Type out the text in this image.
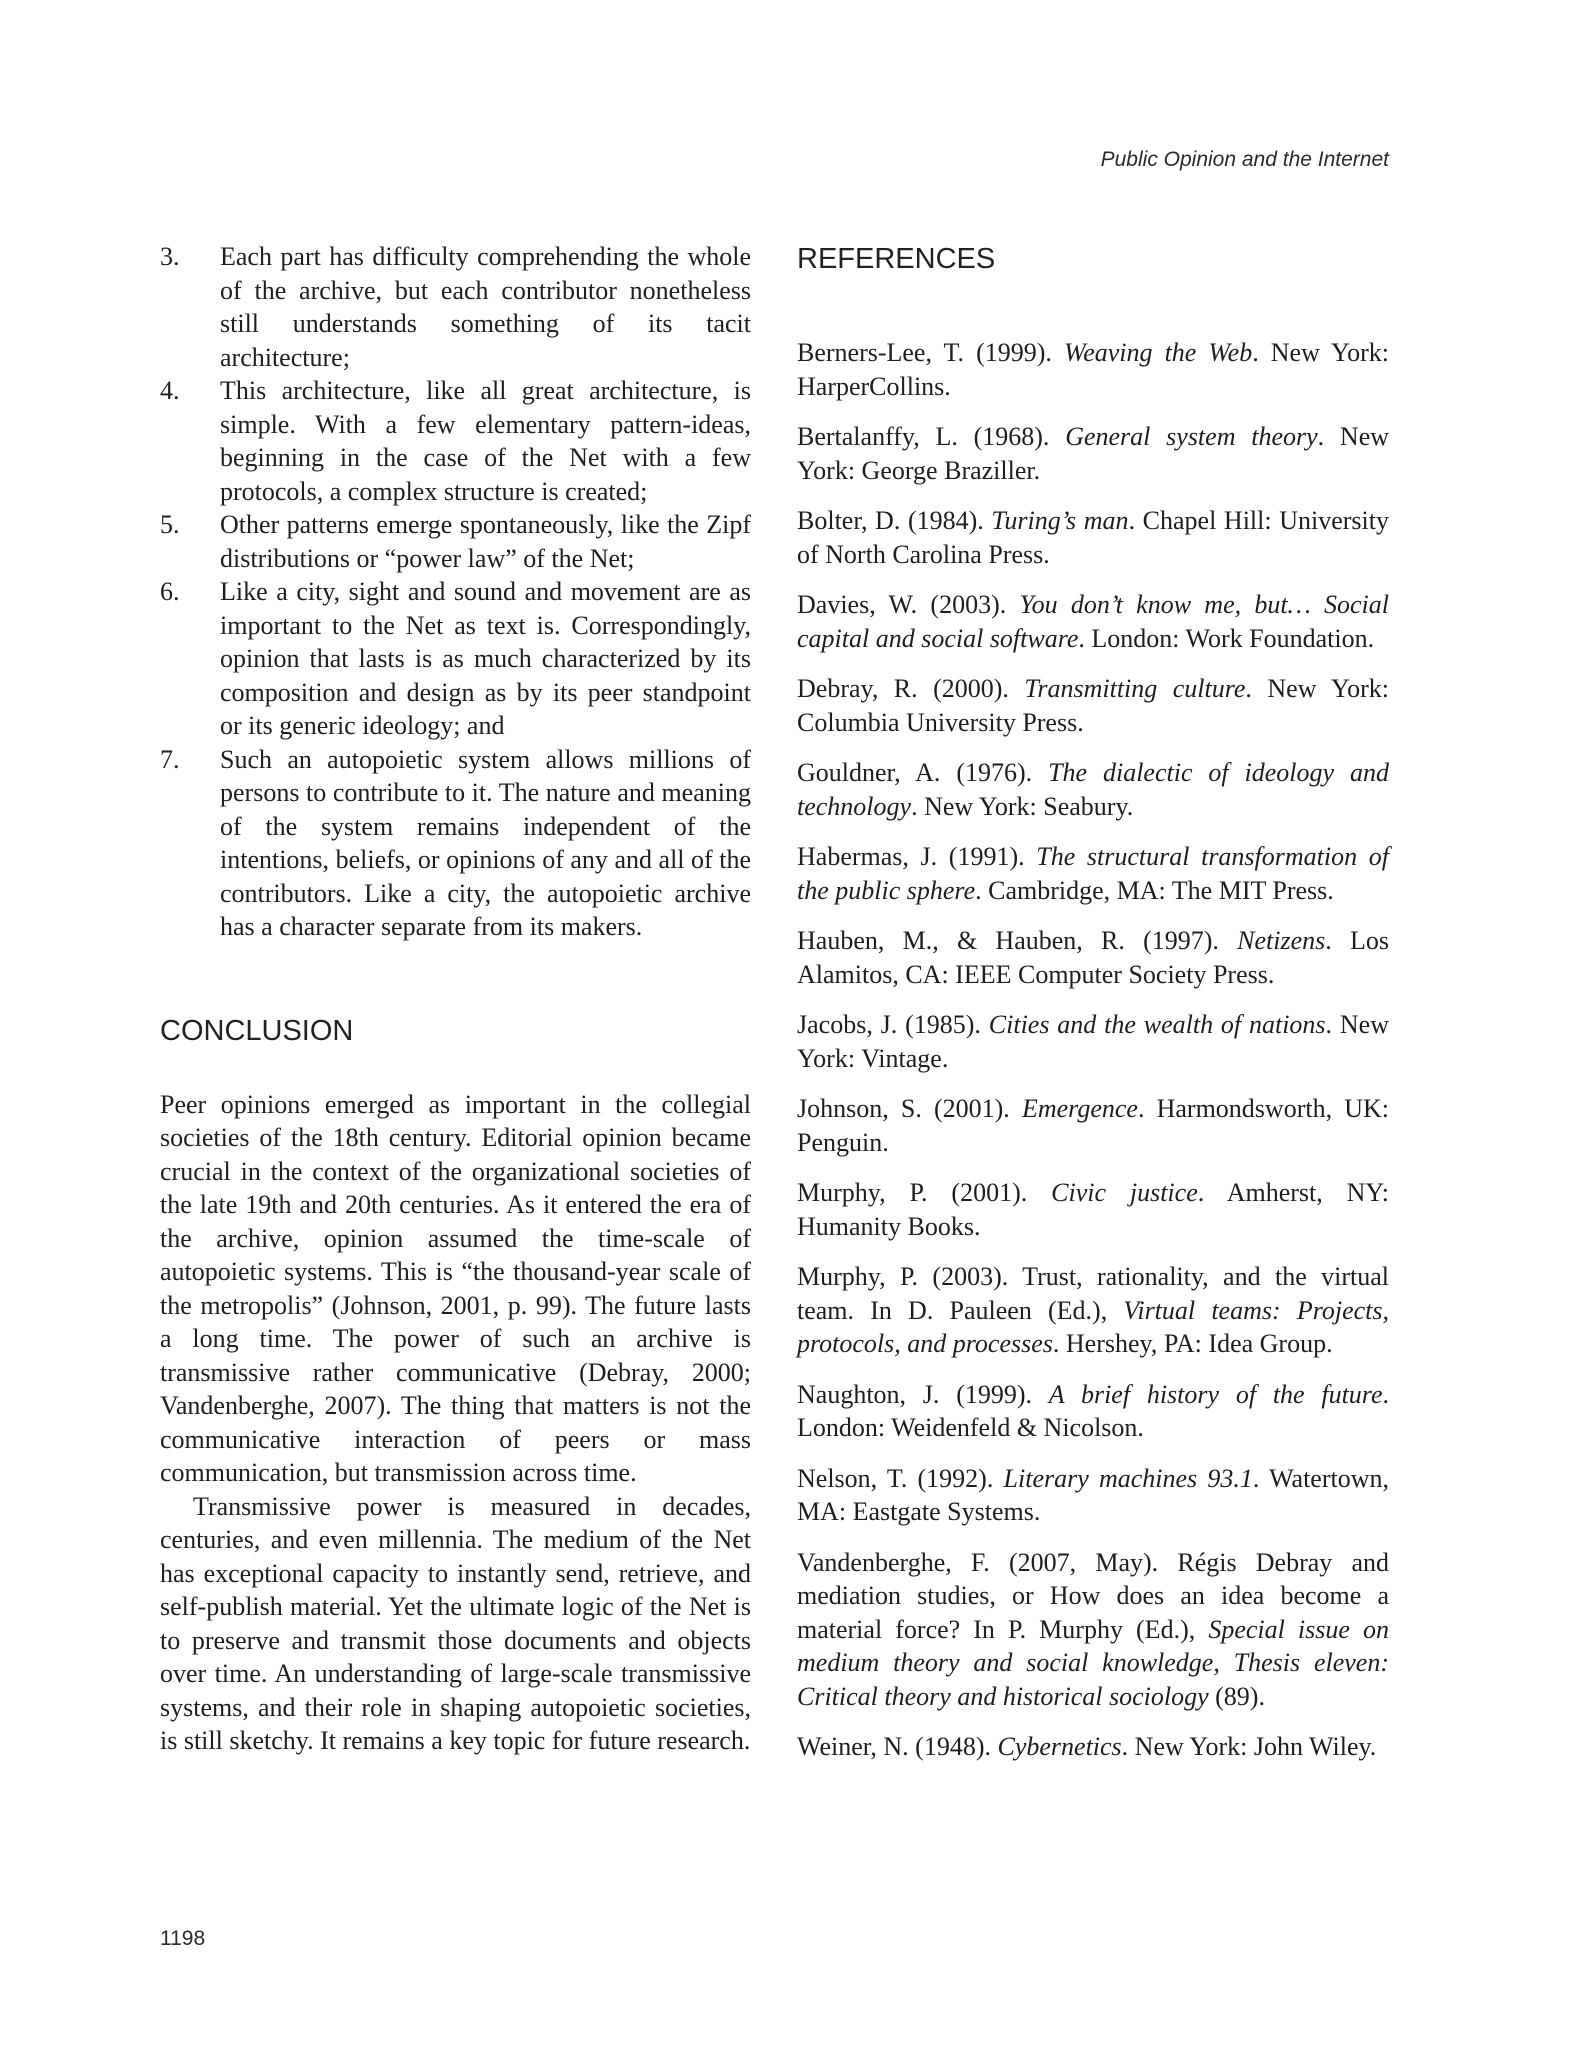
Public Opinion and the Internet
3. Each part has difficulty comprehending the whole of the archive, but each contributor nonetheless still understands something of its tacit architecture;
4. This architecture, like all great architecture, is simple. With a few elementary pattern-ideas, beginning in the case of the Net with a few protocols, a complex structure is created;
5. Other patterns emerge spontaneously, like the Zipf distributions or “power law” of the Net;
6. Like a city, sight and sound and movement are as important to the Net as text is. Correspondingly, opinion that lasts is as much characterized by its composition and design as by its peer standpoint or its generic ideology; and
7. Such an autopoietic system allows millions of persons to contribute to it. The nature and meaning of the system remains independent of the intentions, beliefs, or opinions of any and all of the contributors. Like a city, the autopoietic archive has a character separate from its makers.
CONCLUSION

Peer opinions emerged as important in the collegial societies of the 18th century. Editorial opinion became crucial in the context of the organizational societies of the late 19th and 20th centuries. As it entered the era of the archive, opinion assumed the time-scale of autopoietic systems. This is “the thousand-year scale of the metropolis” (Johnson, 2001, p. 99). The future lasts a long time. The power of such an archive is transmissive rather communicative (Debray, 2000; Vandenberghe, 2007). The thing that matters is not the communicative interaction of peers or mass communication, but transmission across time.

Transmissive power is measured in decades, centuries, and even millennia. The medium of the Net has exceptional capacity to instantly send, retrieve, and self-publish material. Yet the ultimate logic of the Net is to preserve and transmit those documents and objects over time. An understanding of large-scale transmissive systems, and their role in shaping autopoietic societies, is still sketchy. It remains a key topic for future research.

REFERENCES

Berners-Lee, T. (1999). Weaving the Web. New York: HarperCollins.

Bertalanffy, L. (1968). General system theory. New York: George Braziller.

Bolter, D. (1984). Turing’s man. Chapel Hill: University of North Carolina Press.

Davies, W. (2003). You don’t know me, but… Social capital and social software. London: Work Foundation.

Debray, R. (2000). Transmitting culture. New York: Columbia University Press.

Gouldner, A. (1976). The dialectic of ideology and technology. New York: Seabury.

Habermas, J. (1991). The structural transformation of the public sphere. Cambridge, MA: The MIT Press.

Hauben, M., & Hauben, R. (1997). Netizens. Los Alamitos, CA: IEEE Computer Society Press.

Jacobs, J. (1985). Cities and the wealth of nations. New York: Vintage.

Johnson, S. (2001). Emergence. Harmondsworth, UK: Penguin.

Murphy, P. (2001). Civic justice. Amherst, NY: Humanity Books.

Murphy, P. (2003). Trust, rationality, and the virtual team. In D. Pauleen (Ed.), Virtual teams: Projects, protocols, and processes. Hershey, PA: Idea Group.

Naughton, J. (1999). A brief history of the future. London: Weidenfeld & Nicolson.

Nelson, T. (1992). Literary machines 93.1. Watertown, MA: Eastgate Systems.

Vandenberghe, F. (2007, May). Régis Debray and mediation studies, or How does an idea become a material force? In P. Murphy (Ed.), Special issue on medium theory and social knowledge, Thesis eleven: Critical theory and historical sociology (89).

Weiner, N. (1948). Cybernetics. New York: John Wiley.

1198
